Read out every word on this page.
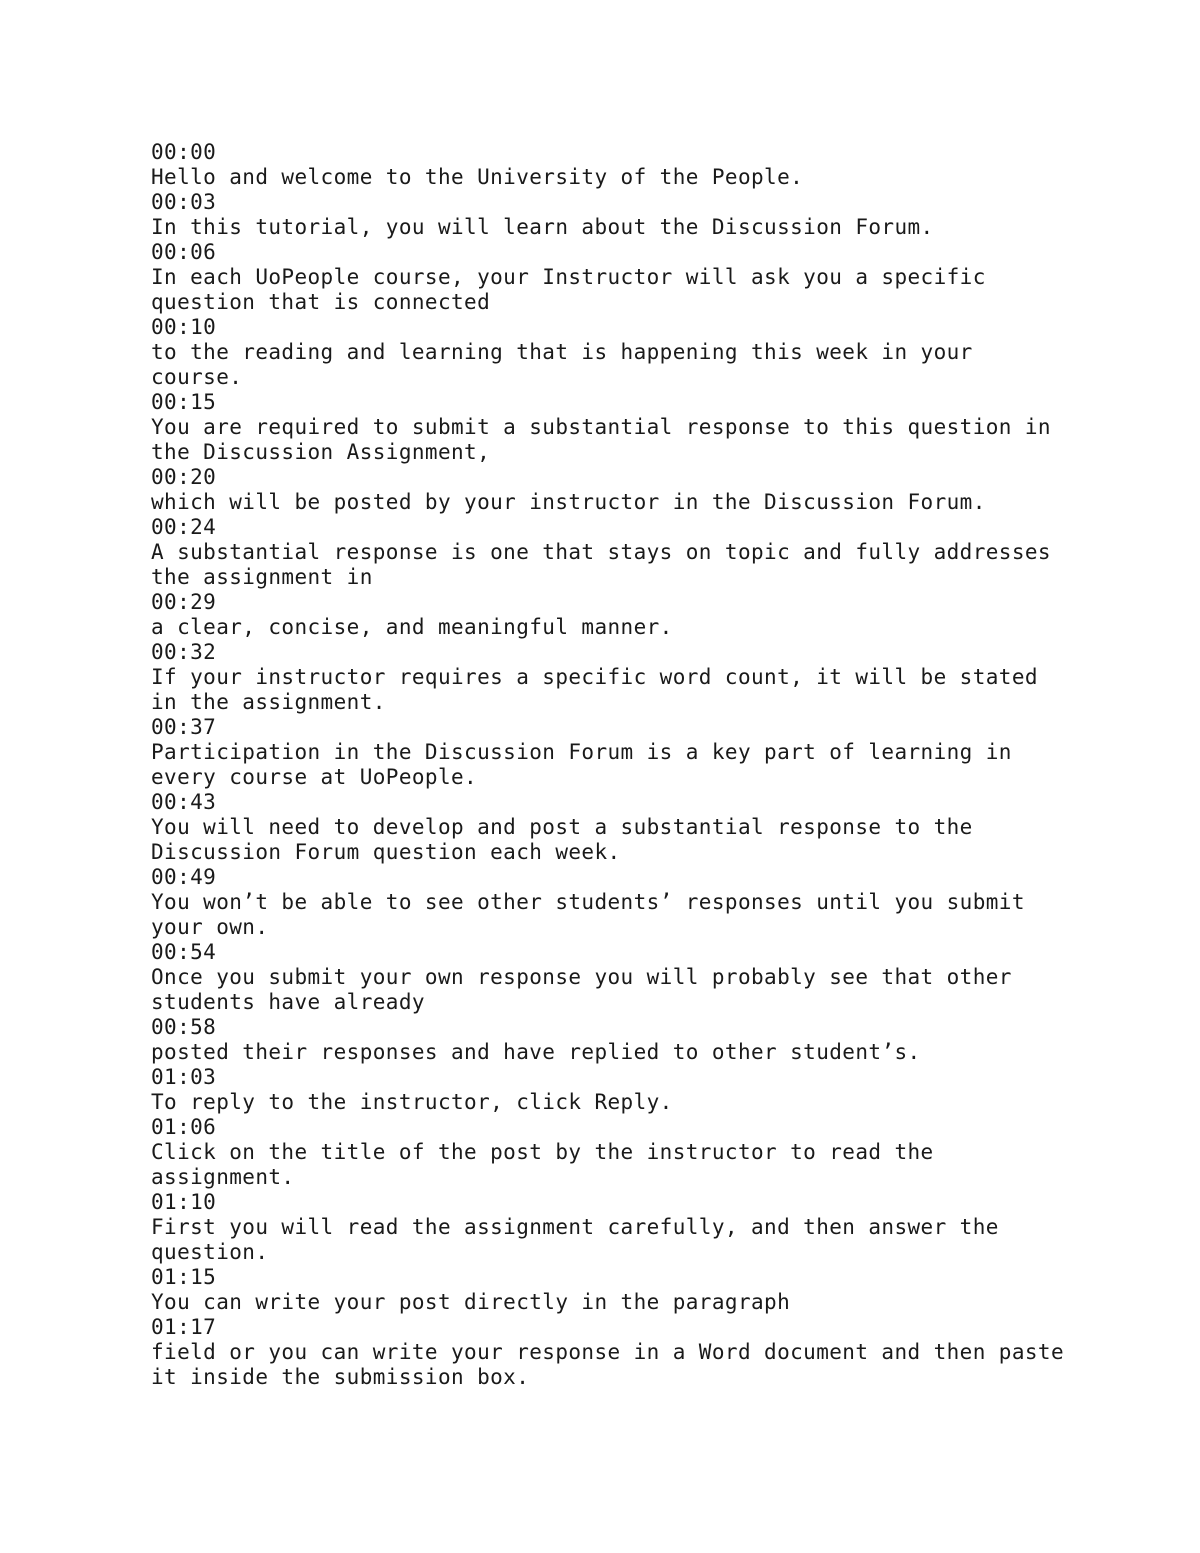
00:00
Hello and welcome to the University of the People.
00:03
In this tutorial, you will learn about the Discussion Forum.
00:06
In each UoPeople course, your Instructor will ask you a specific
question that is connected
00:10
to the reading and learning that is happening this week in your
course.
00:15
You are required to submit a substantial response to this question in
the Discussion Assignment,
00:20
which will be posted by your instructor in the Discussion Forum.
00:24
A substantial response is one that stays on topic and fully addresses
the assignment in
00:29
a clear, concise, and meaningful manner.
00:32
If your instructor requires a specific word count, it will be stated
in the assignment.
00:37
Participation in the Discussion Forum is a key part of learning in
every course at UoPeople.
00:43
You will need to develop and post a substantial response to the
Discussion Forum question each week.
00:49
You won’t be able to see other students’ responses until you submit
your own.
00:54
Once you submit your own response you will probably see that other
students have already
00:58
posted their responses and have replied to other student’s.
01:03
To reply to the instructor, click Reply.
01:06
Click on the title of the post by the instructor to read the
assignment.
01:10
First you will read the assignment carefully, and then answer the
question.
01:15
You can write your post directly in the paragraph
01:17
field or you can write your response in a Word document and then paste
it inside the submission box.
